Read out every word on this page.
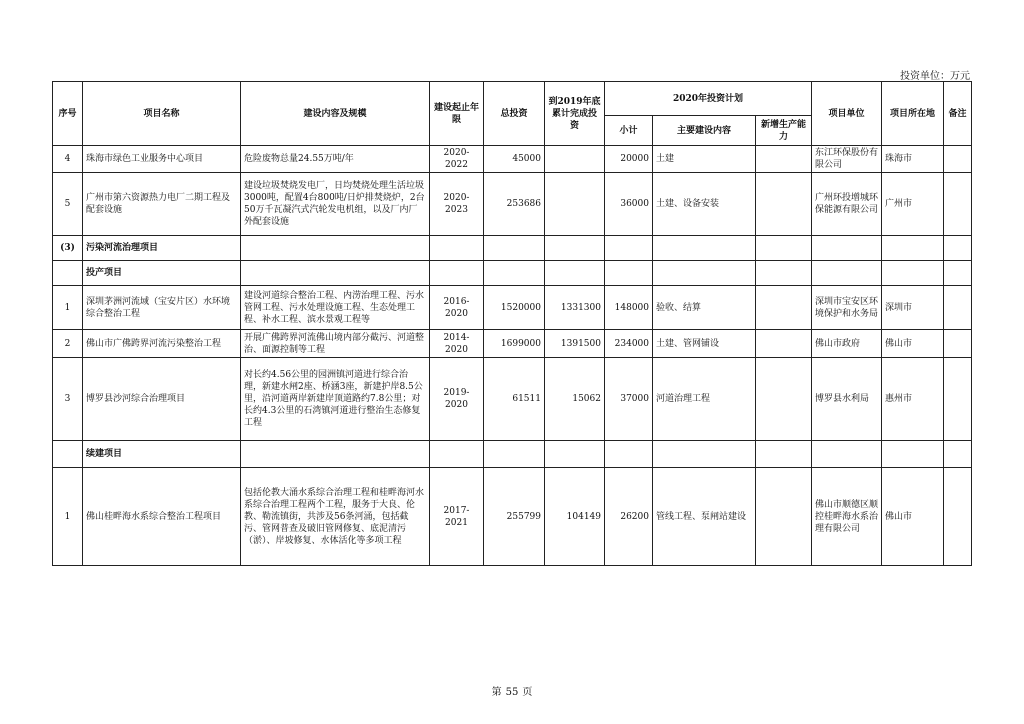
投资单位：万元
序号	项目名称	建设内容及规模	建设起止年限	总投资	到2019年底累计完成投资	2020年投资计划			项目单位	项目所在地	备注
						小计	主要建设内容	新增生产能力			
4	珠海市绿色工业服务中心项目	危险废物总量24.55万吨/年	2020-2022	45000		20000	土建		东江环保股份有限公司	珠海市	
5	广州市第六资源热力电厂二期工程及配套设施	建设垃圾焚烧发电厂，日均焚烧处理生活垃圾3000吨，配置4台800吨/日炉排焚烧炉，2台50万千瓦凝汽式汽轮发电机组，以及厂内厂外配套设施	2020-2023	253686		36000	土建、设备安装		广州环投增城环保能源有限公司	广州市	
(3)	污染河流治理项目										
	投产项目										
1	深圳茅洲河流域（宝安片区）水环境综合整治工程	建设河道综合整治工程、内涝治理工程、污水管网工程、污水处理设施工程、生态处理工程、补水工程、滨水景观工程等	2016-2020	1520000	1331300	148000	验收、结算		深圳市宝安区环境保护和水务局	深圳市	
2	佛山市广佛跨界河流污染整治工程	开展广佛跨界河流佛山境内部分截污、河道整治、面源控制等工程	2014-2020	1699000	1391500	234000	土建、管网铺设		佛山市政府	佛山市	
3	博罗县沙河综合治理项目	对长约4.56公里的园洲镇河道进行综合治理，新建水闸2座、桥涵3座，新建护岸8.5公里，沿河道两岸新建岸顶道路约7.8公里；对长约4.3公里的石湾镇河道进行整治生态修复工程	2019-2020	61511	15062	37000	河道治理工程		博罗县水利局	惠州市	
	续建项目										
1	佛山桂畔海水系综合整治工程项目	包括伦教大涌水系综合治理工程和桂畔海河水系综合治理工程两个工程，服务于大良、伦教、勒流镇街，共涉及56条河涌，包括截污、管网普查及破旧管网修复、底泥清污（淤）、岸坡修复、水体活化等多项工程	2017-2021	255799	104149	26200	管线工程、泵闸站建设		佛山市顺德区顺控桂畔海水系治理有限公司	佛山市	
第 55 页
